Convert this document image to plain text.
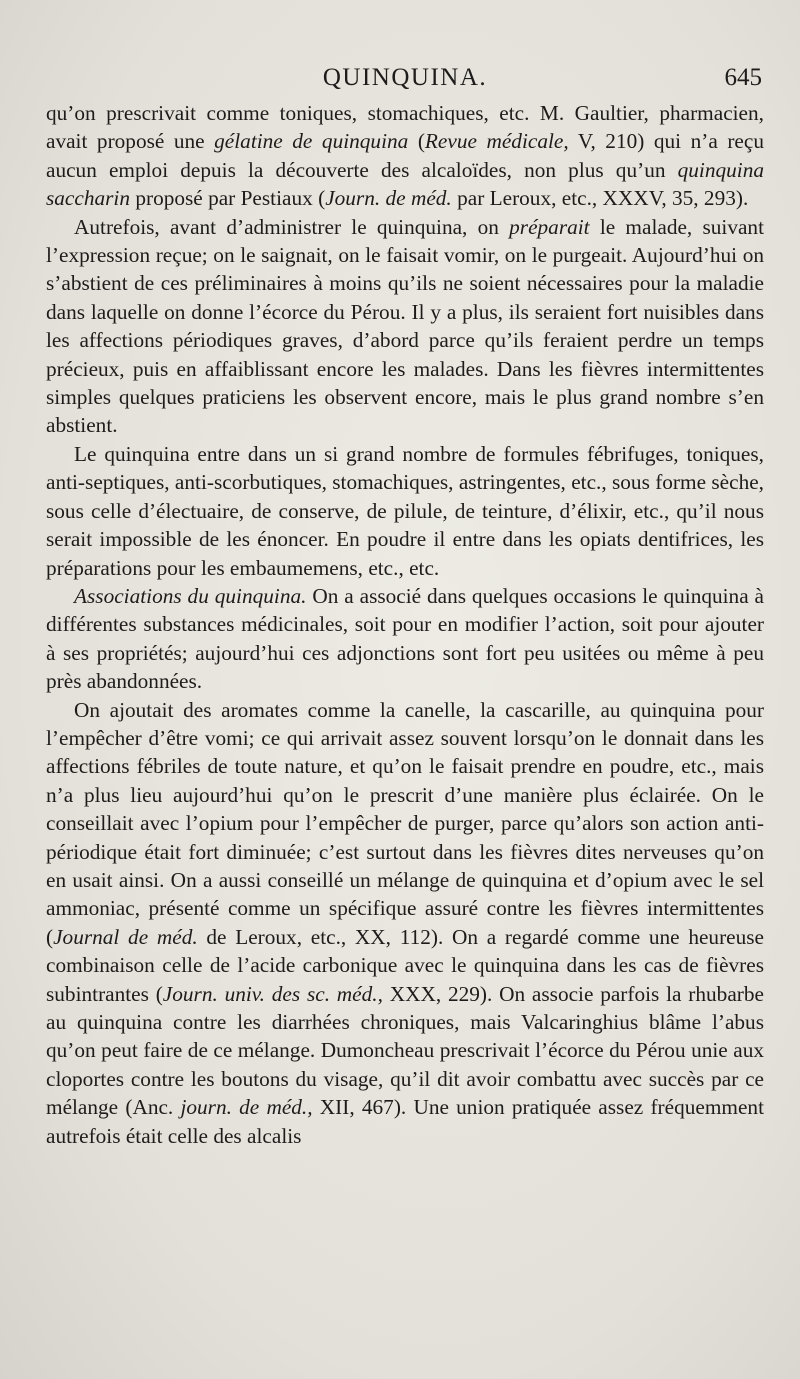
QUINQUINA.	645

qu’on prescrivait comme toniques, stomachiques, etc. M. Gaultier, pharmacien, avait proposé une gélatine de quinquina (Revue médicale, V, 210) qui n’a reçu aucun emploi depuis la découverte des alcaloïdes, non plus qu’un quinquina saccharin proposé par Pestiaux (Journ. de méd. par Leroux, etc., XXXV, 35, 293).

Autrefois, avant d’administrer le quinquina, on préparait le malade, suivant l’expression reçue; on le saignait, on le faisait vomir, on le purgeait. Aujourd’hui on s’abstient de ces préliminaires à moins qu’ils ne soient nécessaires pour la maladie dans laquelle on donne l’écorce du Pérou. Il y a plus, ils seraient fort nuisibles dans les affections périodiques graves, d’abord parce qu’ils feraient perdre un temps précieux, puis en affaiblissant encore les malades. Dans les fièvres intermittentes simples quelques praticiens les observent encore, mais le plus grand nombre s’en abstient.

Le quinquina entre dans un si grand nombre de formules fébrifuges, toniques, anti-septiques, anti-scorbutiques, stomachiques, astringentes, etc., sous forme sèche, sous celle d’électuaire, de conserve, de pilule, de teinture, d’élixir, etc., qu’il nous serait impossible de les énoncer. En poudre il entre dans les opiats dentifrices, les préparations pour les embaumemens, etc., etc.

Associations du quinquina. On a associé dans quelques occasions le quinquina à différentes substances médicinales, soit pour en modifier l’action, soit pour ajouter à ses propriétés; aujourd’hui ces adjonctions sont fort peu usitées ou même à peu près abandonnées.

On ajoutait des aromates comme la canelle, la cascarille, au quinquina pour l’empêcher d’être vomi; ce qui arrivait assez souvent lorsqu’on le donnait dans les affections fébriles de toute nature, et qu’on le faisait prendre en poudre, etc., mais n’a plus lieu aujourd’hui qu’on le prescrit d’une manière plus éclairée. On le conseillait avec l’opium pour l’empêcher de purger, parce qu’alors son action anti-périodique était fort diminuée; c’est surtout dans les fièvres dites nerveuses qu’on en usait ainsi. On a aussi conseillé un mélange de quinquina et d’opium avec le sel ammoniac, présenté comme un spécifique assuré contre les fièvres intermittentes (Journal de méd. de Leroux, etc., XX, 112). On a regardé comme une heureuse combinaison celle de l’acide carbonique avec le quinquina dans les cas de fièvres subintrantes (Journ. univ. des sc. méd., XXX, 229). On associe parfois la rhubarbe au quinquina contre les diarrhées chroniques, mais Valcaringhius blâme l’abus qu’on peut faire de ce mélange. Dumoncheau prescrivait l’écorce du Pérou unie aux cloportes contre les boutons du visage, qu’il dit avoir combattu avec succès par ce mélange (Anc. journ. de méd., XII, 467). Une union pratiquée assez fréquemment autrefois était celle des alcalis
